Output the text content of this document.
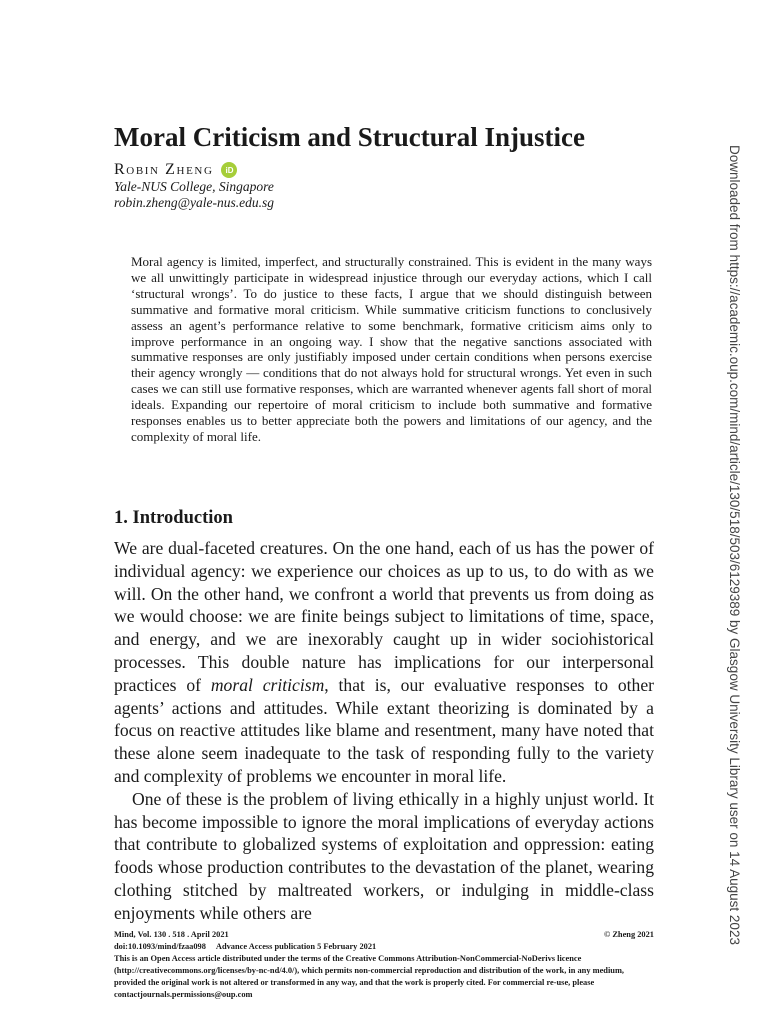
Moral Criticism and Structural Injustice
Robin Zheng	iD
Yale-NUS College, Singapore
robin.zheng@yale-nus.edu.sg

Moral agency is limited, imperfect, and structurally constrained. This is evident in the many ways we all unwittingly participate in widespread injustice through our everyday actions, which I call ‘structural wrongs’. To do justice to these facts, I argue that we should distinguish between summative and formative moral criticism. While summative criticism functions to conclusively assess an agent’s performance relative to some benchmark, formative criticism aims only to improve performance in an ongoing way. I show that the negative sanctions associated with summative responses are only justifiably imposed under certain conditions when persons exercise their agency wrongly — conditions that do not always hold for structural wrongs. Yet even in such cases we can still use formative responses, which are warranted whenever agents fall short of moral ideals. Expanding our repertoire of moral criticism to include both summative and formative responses enables us to better appreciate both the powers and limitations of our agency, and the complexity of moral life.

1. Introduction

We are dual-faceted creatures. On the one hand, each of us has the power of individual agency: we experience our choices as up to us, to do with as we will. On the other hand, we confront a world that prevents us from doing as we would choose: we are finite beings subject to limitations of time, space, and energy, and we are inexorably caught up in wider sociohistorical processes. This double nature has implications for our interpersonal practices of moral criticism, that is, our evaluative responses to other agents’ actions and attitudes. While extant theorizing is dominated by a focus on reactive attitudes like blame and resentment, many have noted that these alone seem inadequate to the task of responding fully to the variety and complexity of problems we encounter in moral life.

One of these is the problem of living ethically in a highly unjust world. It has become impossible to ignore the moral implications of everyday actions that contribute to globalized systems of exploitation and oppression: eating foods whose production contributes to the devastation of the planet, wearing clothing stitched by maltreated workers, or indulging in middle-class enjoyments while others are

Mind, Vol. 130 . 518 . April 2021	© Zheng 2021
doi:10.1093/mind/fzaa098 Advance Access publication 5 February 2021
This is an Open Access article distributed under the terms of the Creative Commons Attribution-NonCommercial-NoDerivs licence (http://creativecommons.org/licenses/by-nc-nd/4.0/), which permits non-commercial reproduction and distribution of the work, in any medium, provided the original work is not altered or transformed in any way, and that the work is properly cited. For commercial re-use, please contactjournals.permissions@oup.com
Downloaded from https://academic.oup.com/mind/article/130/518/503/6129389 by Glasgow University Library user on 14 August 2023
